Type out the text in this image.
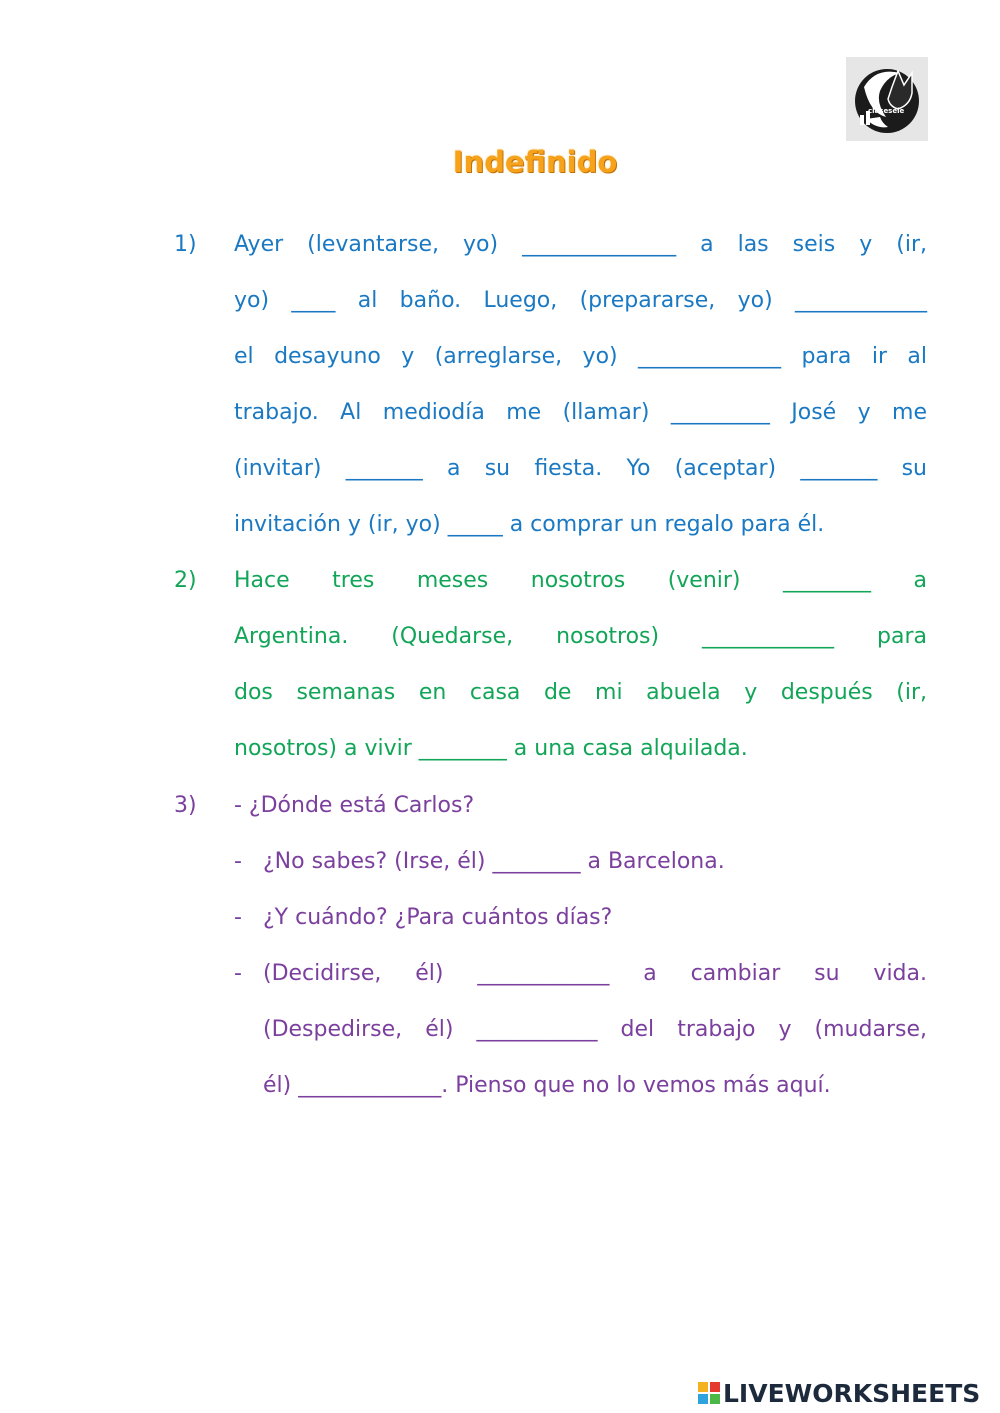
clasesele
Indefinido
1) Ayer (levantarse, yo) ______________ a las seis y (ir,
yo) ____ al baño. Luego, (prepararse, yo) ____________
el desayuno y (arreglarse, yo) _____________ para ir al
trabajo. Al mediodía me (llamar) _________ José y me
(invitar) _______ a su fiesta. Yo (aceptar) _______ su
invitación y (ir, yo) _____ a comprar un regalo para él.
2) Hace tres meses nosotros (venir) ________ a
Argentina. (Quedarse, nosotros) ____________ para
dos semanas en casa de mi abuela y después (ir,
nosotros) a vivir ________ a una casa alquilada.
3) - ¿Dónde está Carlos?
- ¿No sabes? (Irse, él) ________ a Barcelona.
- ¿Y cuándo? ¿Para cuántos días?
- (Decidirse, él) ____________ a cambiar su vida.
(Despedirse, él) ___________ del trabajo y (mudarse,
él) _____________. Pienso que no lo vemos más aquí.
LIVEWORKSHEETS
